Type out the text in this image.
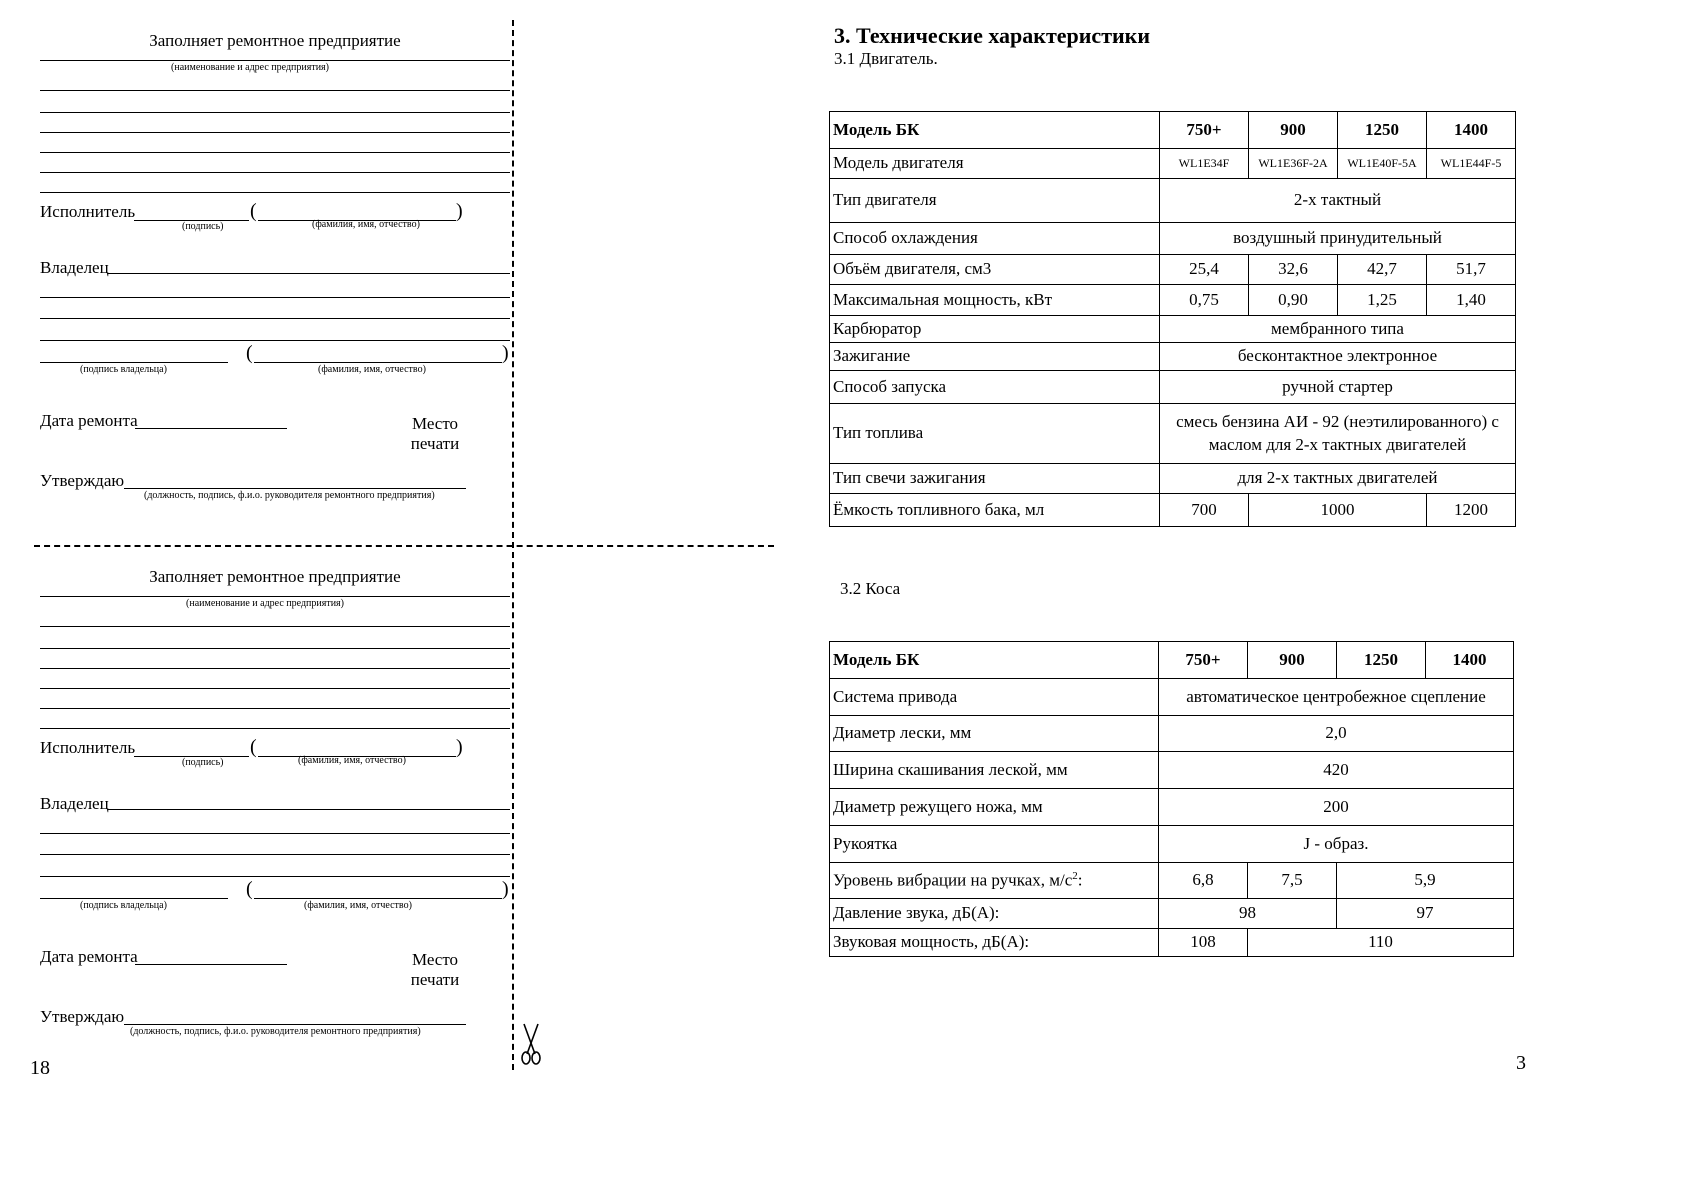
Заполняет ремонтное предприятие
(наименование и адрес предприятия)
Исполнитель	(	)
(подпись)	(фамилия, имя, отчество)
Владелец
(	)
(подпись владельца)	(фамилия, имя, отчество)
Дата ремонта	Место
печати
Утверждаю
(должность, подпись, ф.и.о. руководителя ремонтного предприятия)
Заполняет ремонтное предприятие
(наименование и адрес предприятия)
Исполнитель	(	)
(подпись)	(фамилия, имя, отчество)
Владелец
(	)
(подпись владельца)	(фамилия, имя, отчество)
Дата ремонта	Место
печати
Утверждаю
(должность, подпись, ф.и.о. руководителя ремонтного предприятия)
18
3. Технические характеристики
3.1 Двигатель.
Модель БК	750+	900	1250	1400
Модель двигателя	WL1E34F	WL1E36F-2A	WL1E40F-5A	WL1E44F-5
Тип двигателя	2-х тактный			
Способ охлаждения	воздушный принудительный			
Объём двигателя, см3	25,4	32,6	42,7	51,7
Максимальная мощность, кВт	0,75	0,90	1,25	1,40
Карбюратор	мембранного типа			
Зажигание	бесконтактное электронное			
Способ запуска	ручной стартер			
Тип топлива	смесь бензина АИ - 92 (неэтилированного) с
маслом для 2-х тактных двигателей			

Тип свечи зажигания	для 2-х тактных двигателей			
Ёмкость топливного бака, мл	700	1000		1200
3.2 Коса
Модель БК	750+	900	1250	1400
Система привода	автоматическое центробежное сцепление			
Диаметр лески, мм	2,0			
Ширина скашивания леской, мм	420			
Диаметр режущего ножа, мм	200			
Рукоятка	J - образ.			
Уровень вибрации на ручках, $м/с^2$:	6,8	7,5	5,9	
Давление звука, дБ(А):	98		97	
Звуковая мощность, дБ(А):	108	110		
3
